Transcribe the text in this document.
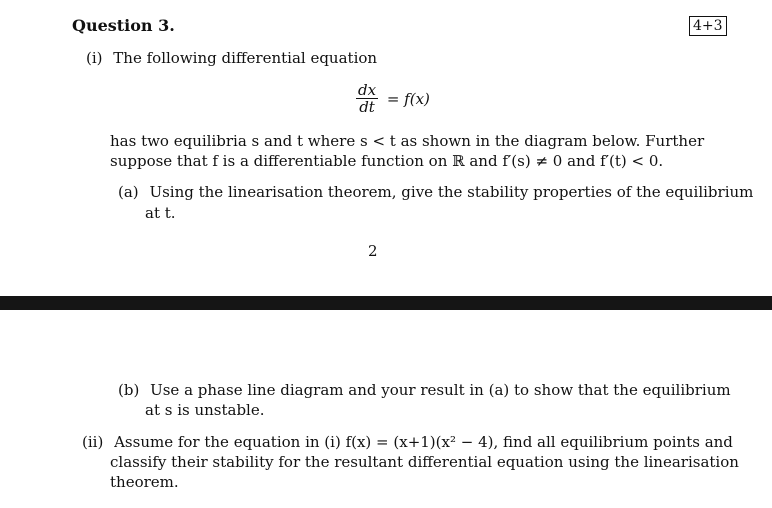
Question 3.	4+3
(i) The following differential equation
$\frac{dx}{dt} = f(x)$
has two equilibria s and t where s < t as shown in the diagram below. Further
suppose that f is a differentiable function on ℝ and f′(s) ≠ 0 and f′(t) < 0.
(a) Using the linearisation theorem, give the stability properties of the equilibrium
at t.
2
(b) Use a phase line diagram and your result in (a) to show that the equilibrium
at s is unstable.
(ii) Assume for the equation in (i) f(x) = (x+1)(x² − 4), find all equilibrium points and
classify their stability for the resultant differential equation using the linearisation
theorem.
